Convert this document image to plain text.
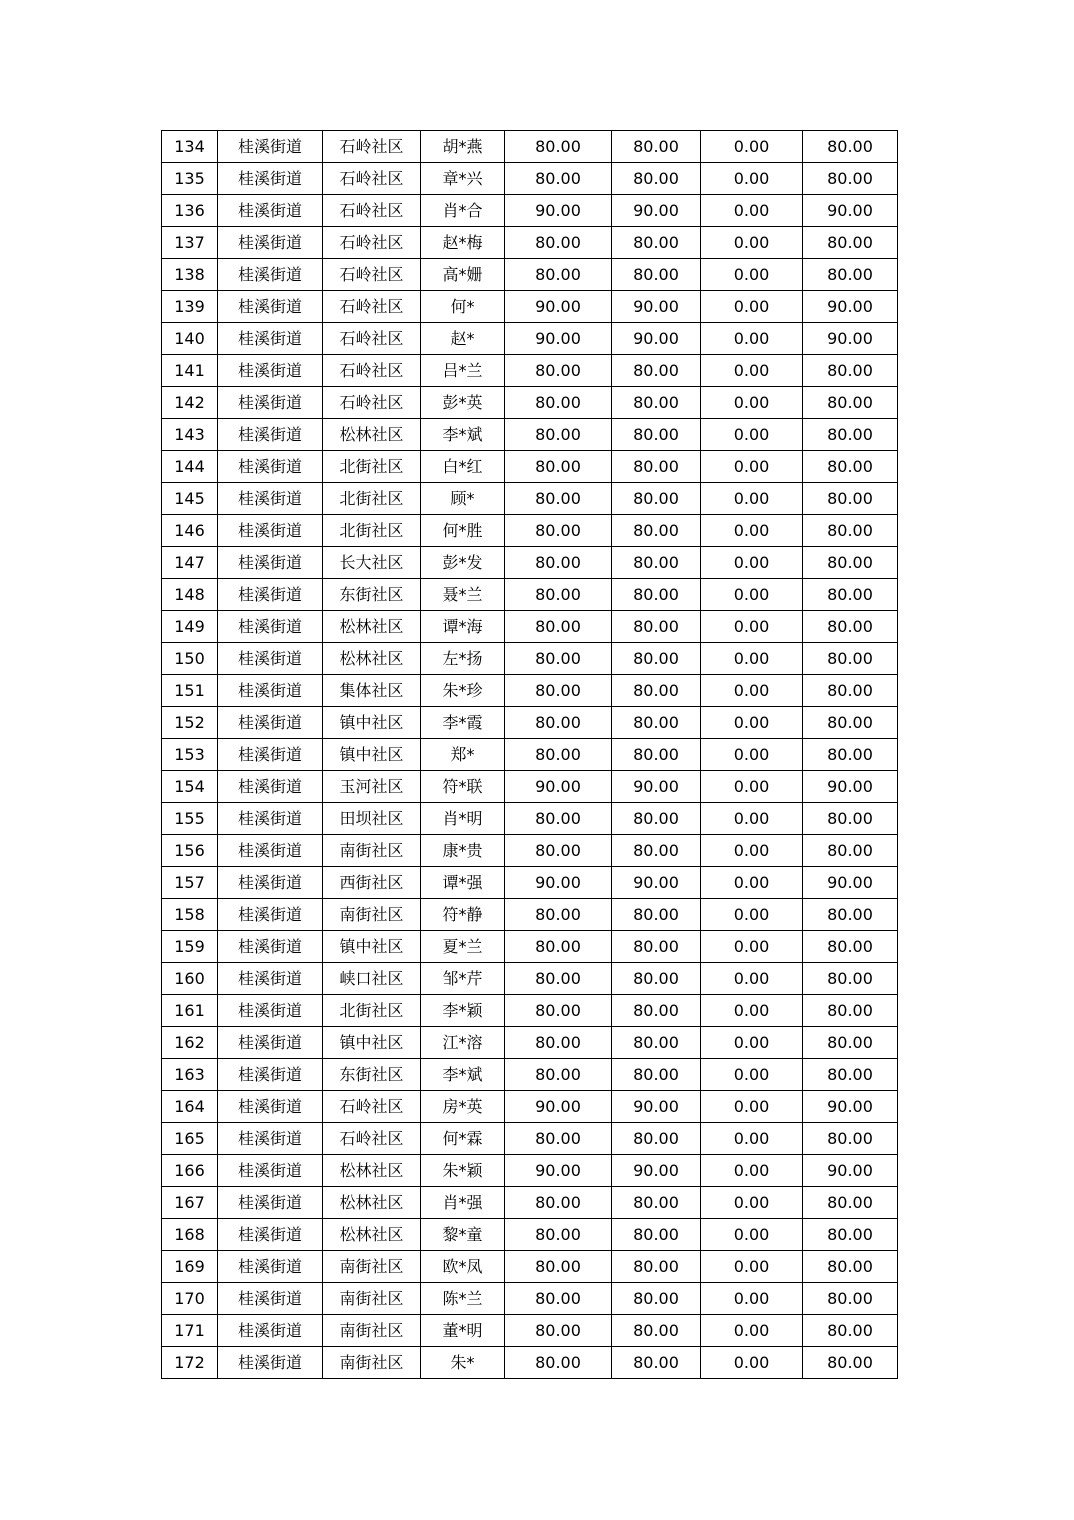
134	桂溪街道	石岭社区	胡*燕	80.00	80.00	0.00	80.00
135	桂溪街道	石岭社区	章*兴	80.00	80.00	0.00	80.00
136	桂溪街道	石岭社区	肖*合	90.00	90.00	0.00	90.00
137	桂溪街道	石岭社区	赵*梅	80.00	80.00	0.00	80.00
138	桂溪街道	石岭社区	高*姗	80.00	80.00	0.00	80.00
139	桂溪街道	石岭社区	何*	90.00	90.00	0.00	90.00
140	桂溪街道	石岭社区	赵*	90.00	90.00	0.00	90.00
141	桂溪街道	石岭社区	吕*兰	80.00	80.00	0.00	80.00
142	桂溪街道	石岭社区	彭*英	80.00	80.00	0.00	80.00
143	桂溪街道	松林社区	李*斌	80.00	80.00	0.00	80.00
144	桂溪街道	北街社区	白*红	80.00	80.00	0.00	80.00
145	桂溪街道	北街社区	顾*	80.00	80.00	0.00	80.00
146	桂溪街道	北街社区	何*胜	80.00	80.00	0.00	80.00
147	桂溪街道	长大社区	彭*发	80.00	80.00	0.00	80.00
148	桂溪街道	东街社区	聂*兰	80.00	80.00	0.00	80.00
149	桂溪街道	松林社区	谭*海	80.00	80.00	0.00	80.00
150	桂溪街道	松林社区	左*扬	80.00	80.00	0.00	80.00
151	桂溪街道	集体社区	朱*珍	80.00	80.00	0.00	80.00
152	桂溪街道	镇中社区	李*霞	80.00	80.00	0.00	80.00
153	桂溪街道	镇中社区	郑*	80.00	80.00	0.00	80.00
154	桂溪街道	玉河社区	符*联	90.00	90.00	0.00	90.00
155	桂溪街道	田坝社区	肖*明	80.00	80.00	0.00	80.00
156	桂溪街道	南街社区	康*贵	80.00	80.00	0.00	80.00
157	桂溪街道	西街社区	谭*强	90.00	90.00	0.00	90.00
158	桂溪街道	南街社区	符*静	80.00	80.00	0.00	80.00
159	桂溪街道	镇中社区	夏*兰	80.00	80.00	0.00	80.00
160	桂溪街道	峡口社区	邹*芹	80.00	80.00	0.00	80.00
161	桂溪街道	北街社区	李*颖	80.00	80.00	0.00	80.00
162	桂溪街道	镇中社区	江*溶	80.00	80.00	0.00	80.00
163	桂溪街道	东街社区	李*斌	80.00	80.00	0.00	80.00
164	桂溪街道	石岭社区	房*英	90.00	90.00	0.00	90.00
165	桂溪街道	石岭社区	何*霖	80.00	80.00	0.00	80.00
166	桂溪街道	松林社区	朱*颖	90.00	90.00	0.00	90.00
167	桂溪街道	松林社区	肖*强	80.00	80.00	0.00	80.00
168	桂溪街道	松林社区	黎*童	80.00	80.00	0.00	80.00
169	桂溪街道	南街社区	欧*凤	80.00	80.00	0.00	80.00
170	桂溪街道	南街社区	陈*兰	80.00	80.00	0.00	80.00
171	桂溪街道	南街社区	董*明	80.00	80.00	0.00	80.00
172	桂溪街道	南街社区	朱*	80.00	80.00	0.00	80.00
